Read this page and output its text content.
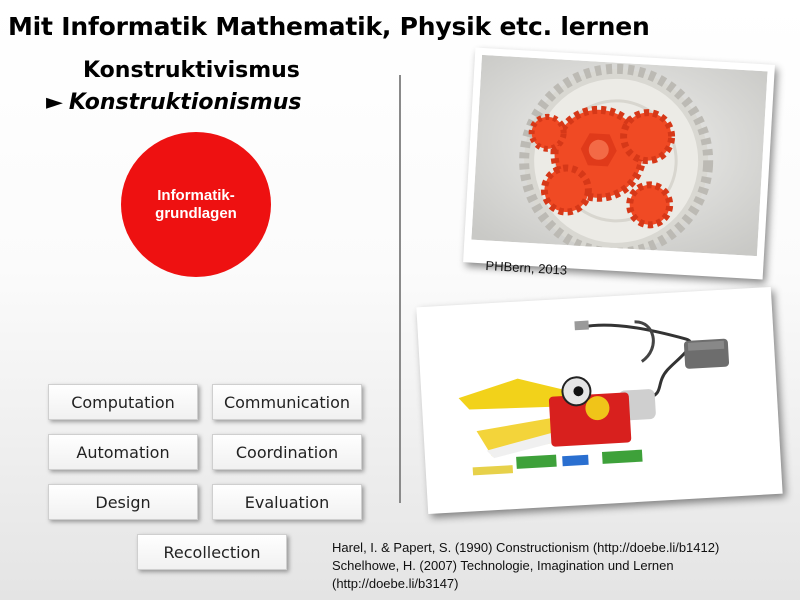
Mit Informatik Mathematik, Physik etc. lernen
Konstruktivismus
► Konstruktionismus
Informatik-
grundlagen
Computation	Communication
Automation	Coordination
Design	Evaluation
Recollection
PHBern, 2013
Harel, I. & Papert, S. (1990) Constructionism (http://doebe.li/b1412)
Schelhowe, H. (2007) Technologie, Imagination und Lernen
(http://doebe.li/b3147)
